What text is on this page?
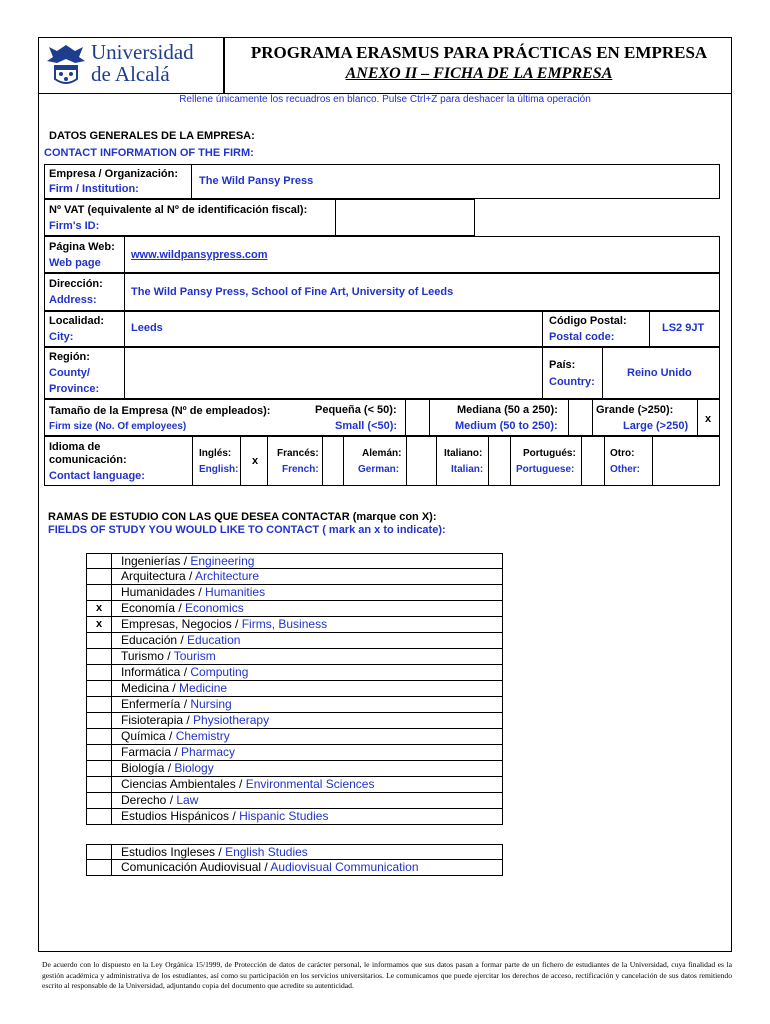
Universidad
de Alcalá
PROGRAMA ERASMUS PARA PRÁCTICAS EN EMPRESA
ANEXO II – FICHA DE LA EMPRESA
Rellene únicamente los recuadros en blanco. Pulse Ctrl+Z para deshacer la última operación
DATOS GENERALES DE LA EMPRESA:
CONTACT INFORMATION OF THE FIRM:
Empresa / Organización:
Firm / Institution:
The Wild Pansy Press
Nº VAT (equivalente al Nº de identificación fiscal):
Firm's ID:
Página Web:
Web page
www.wildpansypress.com
Dirección:
Address:
The Wild Pansy Press, School of Fine Art, University of Leeds
Localidad:
City:
Leeds
Código Postal:
Postal code:
LS2 9JT
Región:
County/
Province:
País:
Country:
Reino Unido
Tamaño de la Empresa (Nº de empleados):
Firm size (No. Of employees)
Pequeña (< 50):
Small (<50):
Mediana (50 a 250):
Medium (50 to 250):
Grande (>250):
Large (>250)
x
Idioma de
comunicación:
Contact language:
Inglés:
English:
x
Francés:
French:
Alemán:
German:
Italiano:
Italian:
Portugués:
Portuguese:
Otro:
Other:
RAMAS DE ESTUDIO CON LAS QUE DESEA CONTACTAR (marque con X):
FIELDS OF STUDY YOU WOULD LIKE TO CONTACT ( mark an x to indicate):
Ingenierías / Engineering
Arquitectura / Architecture
Humanidades / Humanities
x	Economía / Economics
x	Empresas, Negocios / Firms, Business
Educación / Education
Turismo / Tourism
Informática / Computing
Medicina / Medicine
Enfermería / Nursing
Fisioterapia / Physiotherapy
Química / Chemistry
Farmacia / Pharmacy
Biología / Biology
Ciencias Ambientales / Environmental Sciences
Derecho / Law
Estudios Hispánicos / Hispanic Studies
Estudios Ingleses / English Studies
Comunicación Audiovisual / Audiovisual Communication
De acuerdo con lo dispuesto en la Ley Orgánica 15/1999, de Protección de datos de carácter personal, le informamos que sus datos pasan a formar parte de un fichero de estudiantes de la Universidad, cuya finalidad es la gestión académica y administrativa de los estudiantes, así como su participación en los servicios universitarios. Le comunicamos que puede ejercitar los derechos de acceso, rectificación y cancelación de sus datos remitiendo escrito al responsable de la Universidad, adjuntando copia del documento que acredite su autenticidad.
